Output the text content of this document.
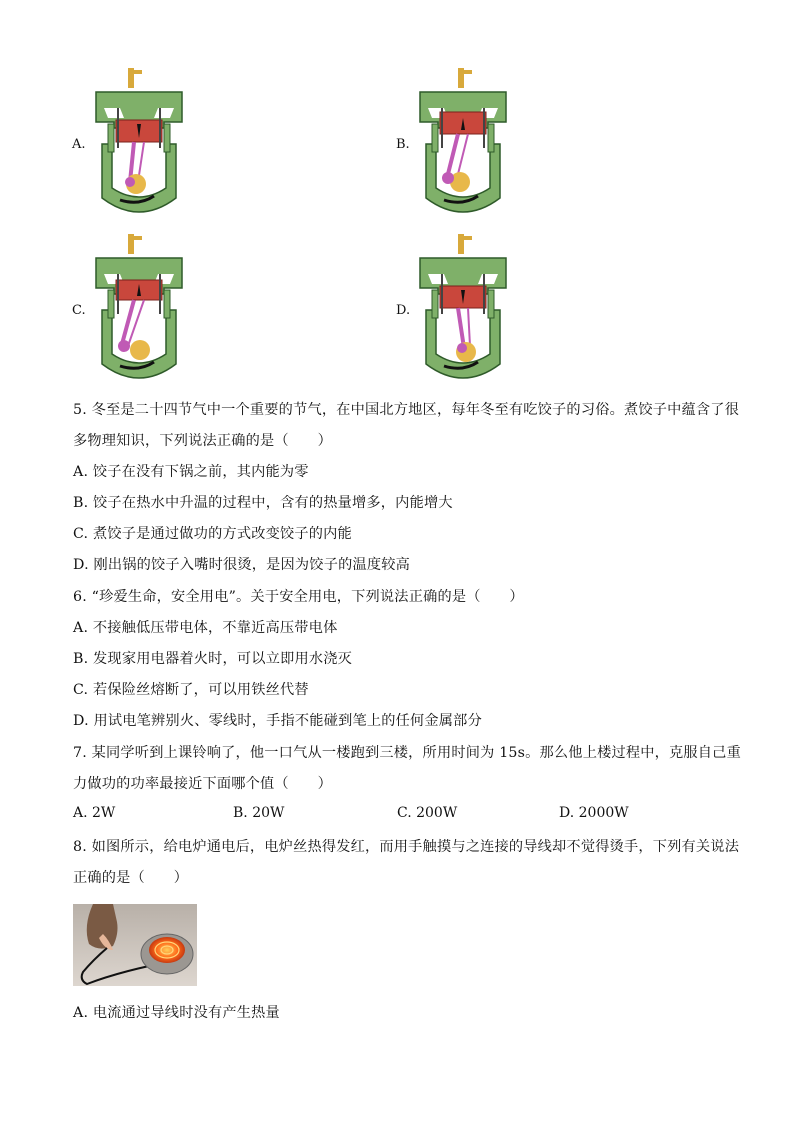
A.	B.
C.	D.
5. 冬至是二十四节气中一个重要的节气，在中国北方地区，每年冬至有吃饺子的习俗。煮饺子中蕴含了很
多物理知识，下列说法正确的是（　　）
A. 饺子在没有下锅之前，其内能为零
B. 饺子在热水中升温的过程中，含有的热量增多，内能增大
C. 煮饺子是通过做功的方式改变饺子的内能
D. 刚出锅的饺子入嘴时很烫，是因为饺子的温度较高
6. “珍爱生命，安全用电”。关于安全用电，下列说法正确的是（　　）
A. 不接触低压带电体，不靠近高压带电体
B. 发现家用电器着火时，可以立即用水浇灭
C. 若保险丝熔断了，可以用铁丝代替
D. 用试电笔辨别火、零线时，手指不能碰到笔上的任何金属部分
7. 某同学听到上课铃响了，他一口气从一楼跑到三楼，所用时间为 15s。那么他上楼过程中，克服自己重
力做功的功率最接近下面哪个值（　　）
A. 2W	B. 20W	C. 200W	D. 2000W
8. 如图所示，给电炉通电后，电炉丝热得发红，而用手触摸与之连接的导线却不觉得烫手，下列有关说法
正确的是（　　）
A. 电流通过导线时没有产生热量
